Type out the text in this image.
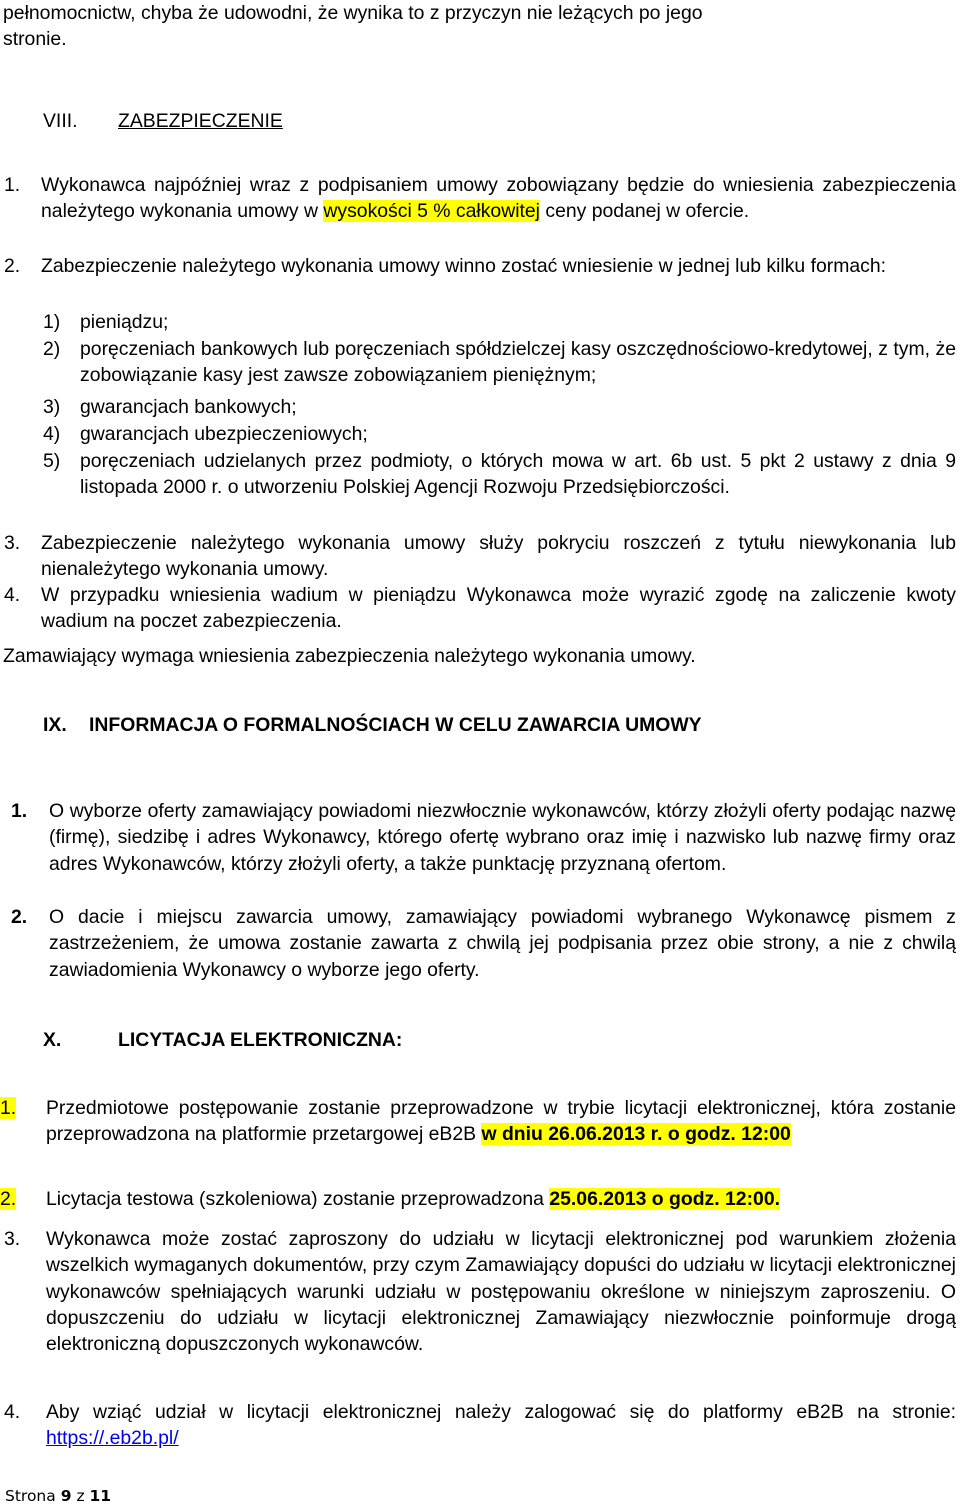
pełnomocnictw, chyba że udowodni, że wynika to z przyczyn nie leżących po jego
stronie.
VIII. ZABEZPIECZENIE
1. Wykonawca najpóźniej wraz z podpisaniem umowy zobowiązany będzie do wniesienia zabezpieczenia należytego wykonania umowy w wysokości 5 % całkowitej ceny podanej w ofercie.
2. Zabezpieczenie należytego wykonania umowy winno zostać wniesienie w jednej lub kilku formach:
1) pieniądzu;
2) poręczeniach bankowych lub poręczeniach spółdzielczej kasy oszczędnościowo-kredytowej, z tym, że zobowiązanie kasy jest zawsze zobowiązaniem pieniężnym;
3) gwarancjach bankowych;
4) gwarancjach ubezpieczeniowych;
5) poręczeniach udzielanych przez podmioty, o których mowa w art. 6b ust. 5 pkt 2 ustawy z dnia 9 listopada 2000 r. o utworzeniu Polskiej Agencji Rozwoju Przedsiębiorczości.
3. Zabezpieczenie należytego wykonania umowy służy pokryciu roszczeń z tytułu niewykonania lub nienależytego wykonania umowy.
4. W przypadku wniesienia wadium w pieniądzu Wykonawca może wyrazić zgodę na zaliczenie kwoty wadium na poczet zabezpieczenia.
Zamawiający wymaga wniesienia zabezpieczenia należytego wykonania umowy.
IX. INFORMACJA O FORMALNOŚCIACH W CELU ZAWARCIA UMOWY
1. O wyborze oferty zamawiający powiadomi niezwłocznie wykonawców, którzy złożyli oferty podając nazwę (firmę), siedzibę i adres Wykonawcy, którego ofertę wybrano oraz imię i nazwisko lub nazwę firmy oraz adres Wykonawców, którzy złożyli oferty, a także punktację przyznaną ofertom.
2. O dacie i miejscu zawarcia umowy, zamawiający powiadomi wybranego Wykonawcę pismem z zastrzeżeniem, że umowa zostanie zawarta z chwilą jej podpisania przez obie strony, a nie z chwilą zawiadomienia Wykonawcy o wyborze jego oferty.
X.	LICYTACJA ELEKTRONICZNA:
1. Przedmiotowe postępowanie zostanie przeprowadzone w trybie licytacji elektronicznej, która zostanie przeprowadzona na platformie przetargowej eB2B w dniu 26.06.2013 r. o godz. 12:00
2. Licytacja testowa (szkoleniowa) zostanie przeprowadzona 25.06.2013 o godz. 12:00.
3. Wykonawca może zostać zaproszony do udziału w licytacji elektronicznej pod warunkiem złożenia wszelkich wymaganych dokumentów, przy czym Zamawiający dopuści do udziału w licytacji elektronicznej wykonawców spełniających warunki udziału w postępowaniu określone w niniejszym zaproszeniu. O dopuszczeniu do udziału w licytacji elektronicznej Zamawiający niezwłocznie poinformuje drogą elektroniczną dopuszczonych wykonawców.
4. Aby wziąć udział w licytacji elektronicznej należy zalogować się do platformy eB2B na stronie: https://.eb2b.pl/
Strona 9 z 11
